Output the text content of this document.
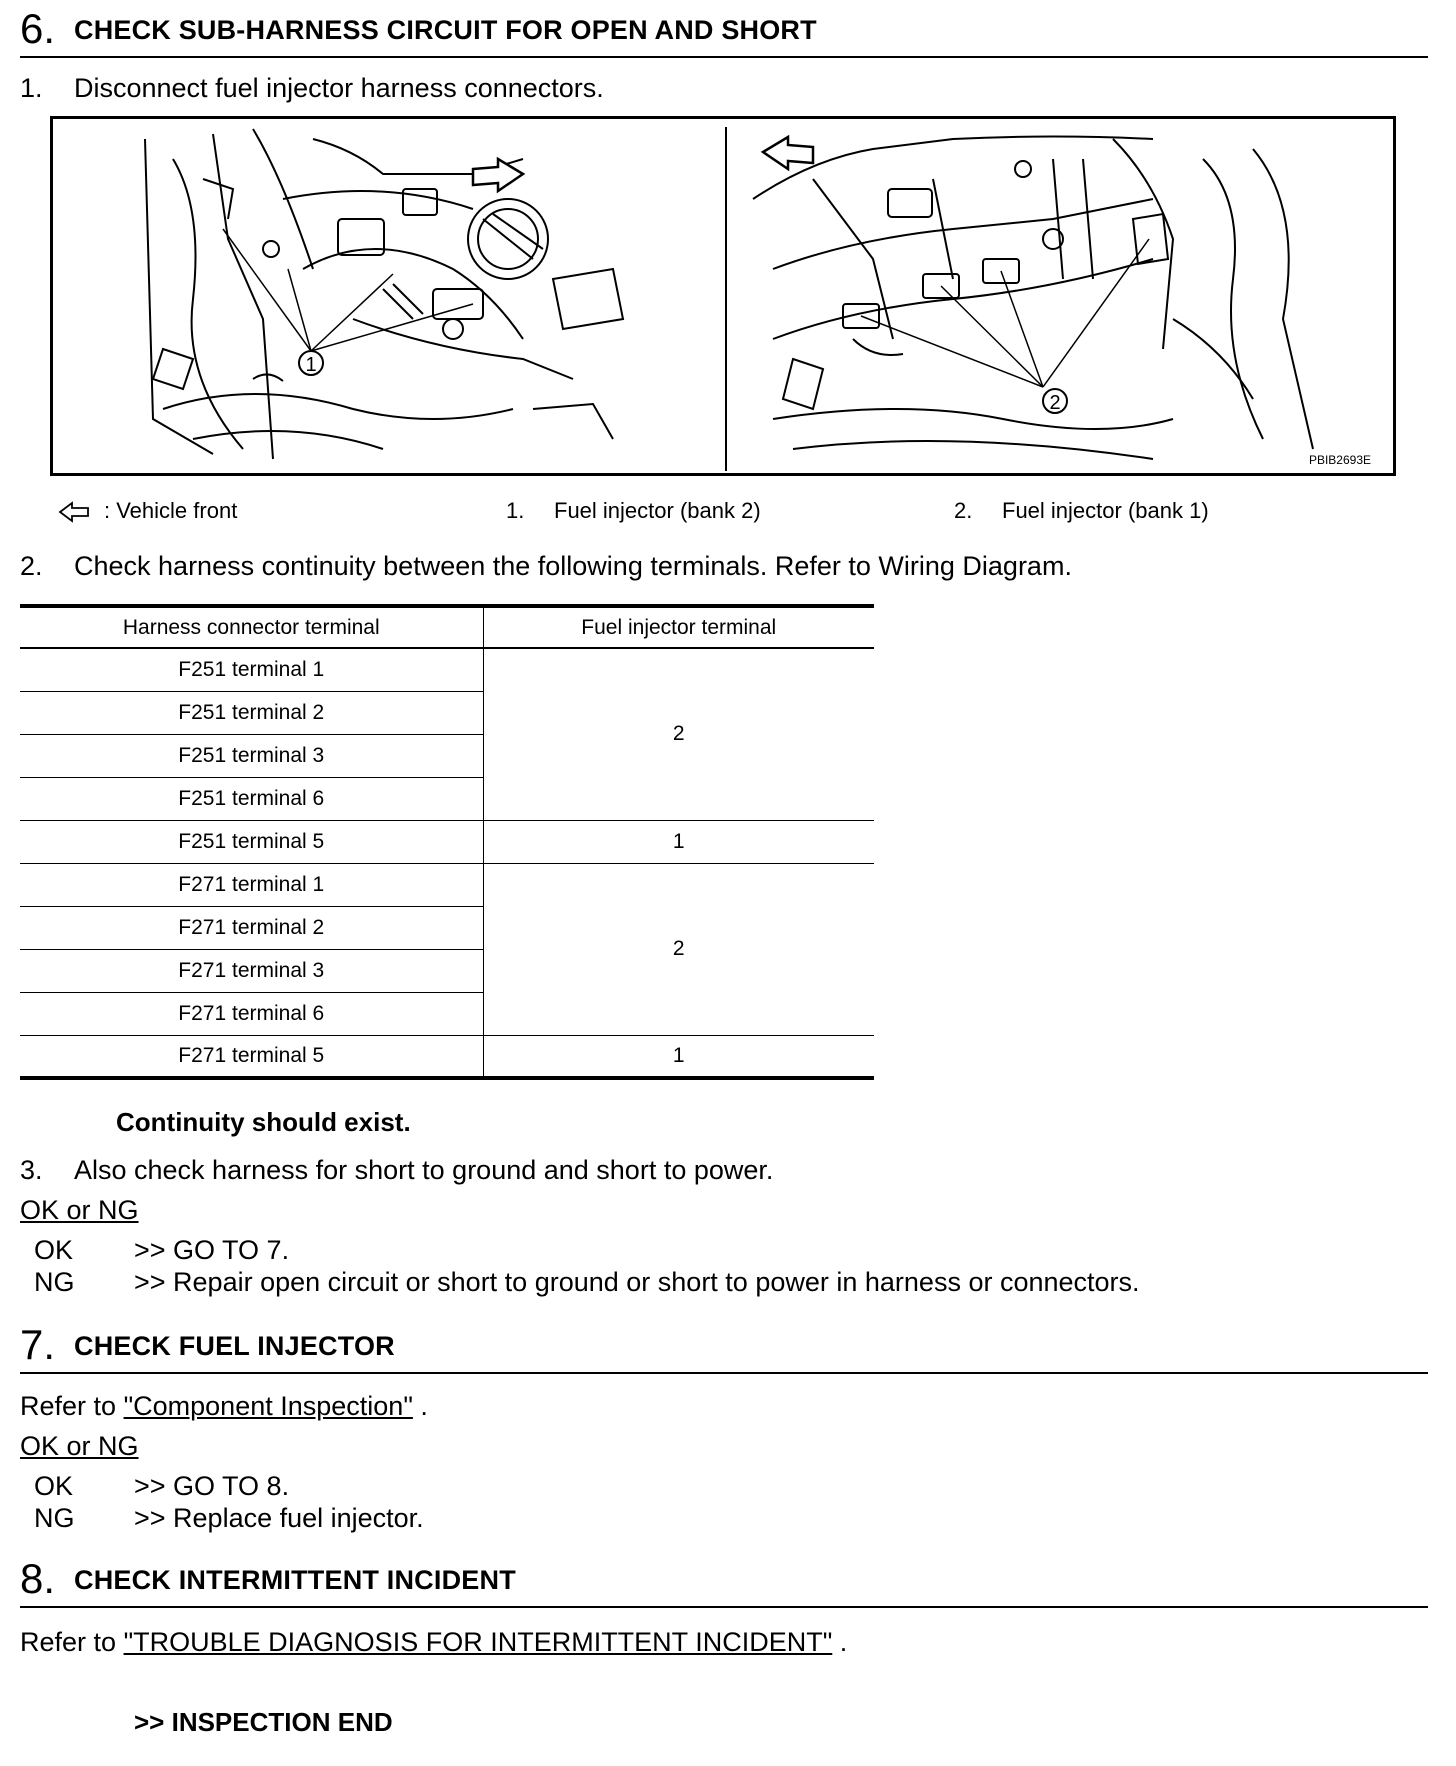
6. CHECK SUB-HARNESS CIRCUIT FOR OPEN AND SHORT
1. Disconnect fuel injector harness connectors.
1
2
PBIB2693E
: Vehicle front	1. Fuel injector (bank 2)	2. Fuel injector (bank 1)
2. Check harness continuity between the following terminals. Refer to Wiring Diagram.
Harness connector terminal	Fuel injector terminal
F251 terminal 1	2
F251 terminal 2	
F251 terminal 3	
F251 terminal 6	
F251 terminal 5	1
F271 terminal 1	2
F271 terminal 2	
F271 terminal 3	
F271 terminal 6	
F271 terminal 5	1
Continuity should exist.
3. Also check harness for short to ground and short to power.
OK or NG
OK >> GO TO 7.
NG >> Repair open circuit or short to ground or short to power in harness or connectors.
7. CHECK FUEL INJECTOR
Refer to "Component Inspection" .
OK or NG
OK >> GO TO 8.
NG >> Replace fuel injector.
8. CHECK INTERMITTENT INCIDENT
Refer to "TROUBLE DIAGNOSIS FOR INTERMITTENT INCIDENT" .
>> INSPECTION END
